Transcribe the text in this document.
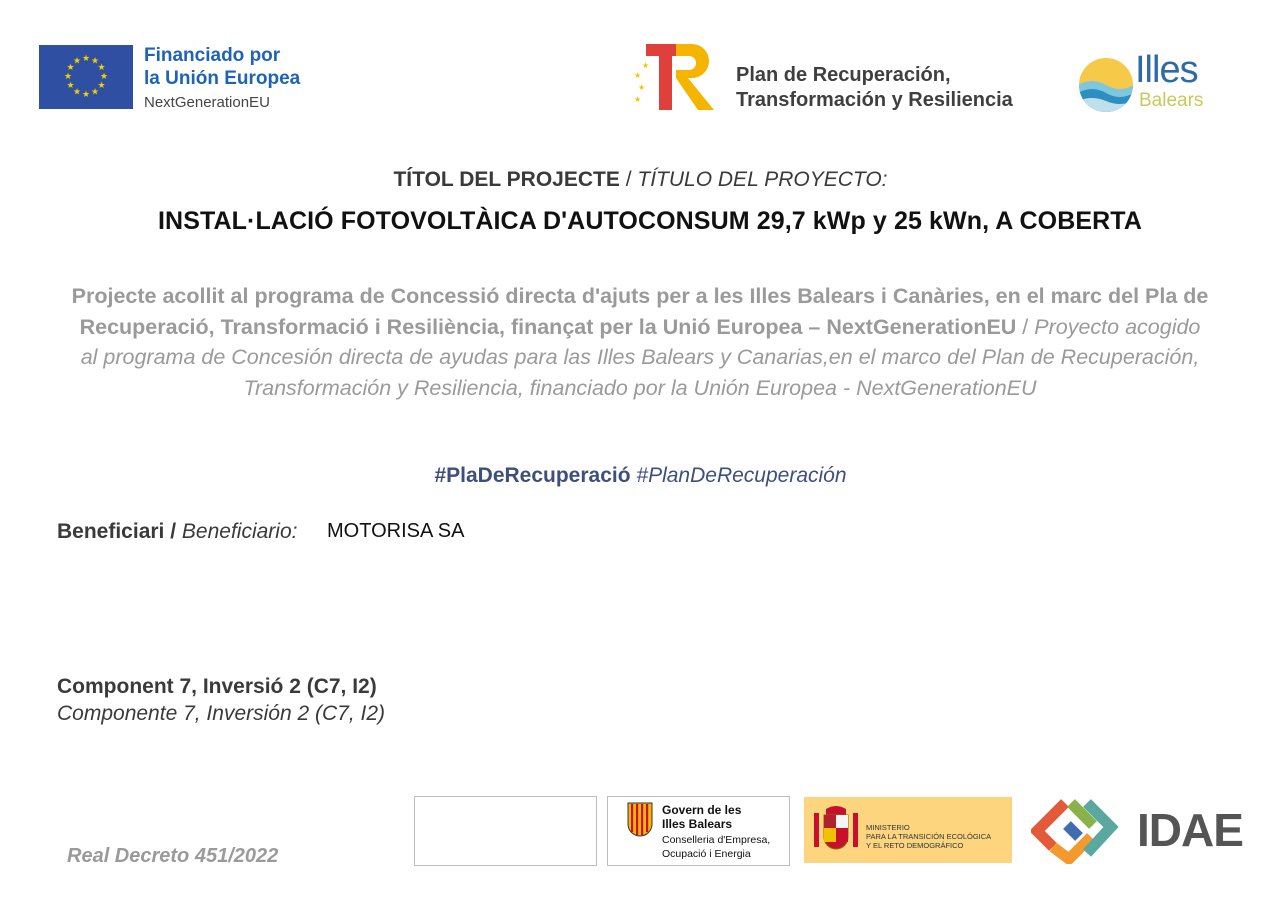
★ ★
★
★
★
★
★
★
★
★
★
★	Financiado por
la Unión Europea
NextGenerationEU
★
★
★
★	Plan de Recuperación,
Transformación y Resiliencia
Illes
Balears
TÍTOL DEL PROJECTE / TÍTULO DEL PROYECTO:
INSTAL·LACIÓ FOTOVOLTÀICA D'AUTOCONSUM 29,7 kWp y 25 kWn, A COBERTA
Projecte acollit al programa de Concessió directa d'ajuts per a les Illes Balears i Canàries, en el marc del Pla de Recuperació, Transformació i Resiliència, finançat per la Unió Europea – NextGenerationEU / Proyecto acogido al programa de Concesión directa de ayudas para las Illes Balears y Canarias,en el marco del Plan de Recuperación, Transformación y Resiliencia, financiado por la Unión Europea - NextGenerationEU
#PlaDeRecuperació #PlanDeRecuperación
Beneficiari / Beneficiario: MOTORISA SA
Component 7, Inversió 2 (C7, I2)
Componente 7, Inversión 2 (C7, I2)
Real Decreto 451/2022
Govern de les
Illes Balears
Conselleria d'Empresa,
Ocupació i Energia
MINISTERIO
PARA LA TRANSICIÓN ECOLÓGICA
Y EL RETO DEMOGRÁFICO	IDAE
